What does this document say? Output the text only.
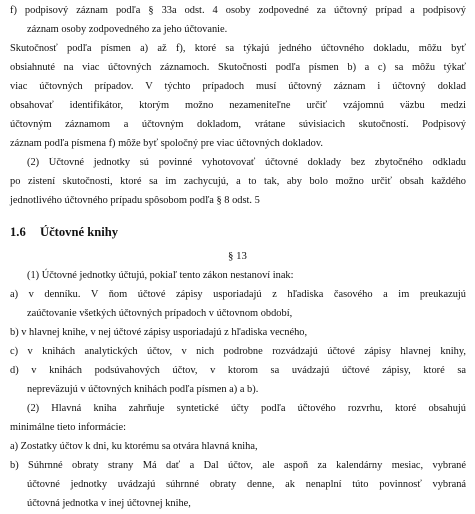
f) podpisový záznam podľa § 33a odst. 4 osoby zodpovedné za účtovný prípad a podpisový
záznam osoby zodpovedného za jeho účtovanie.
Skutočnosť podľa písmen a) až f), ktoré sa týkajú jedného účtovného dokladu, môžu byť
obsiahnuté na viac účtovných záznamoch. Skutočnosti podľa písmen b) a c) sa môžu týkať
viac účtovných prípadov. V týchto prípadoch musí účtovný záznam i účtovný doklad
obsahovať identifikátor, ktorým možno nezameniteľne určiť vzájomnú väzbu medzi
účtovným záznamom a účtovným dokladom, vrátane súvisiacich skutočností. Podpisový
záznam podľa písmena f) môže byť spoločný pre viac účtovných dokladov.
(2) Účtovné jednotky sú povinné vyhotovovať účtovné doklady bez zbytočného odkladu
po zistení skutočnosti, ktoré sa im zachycujú, a to tak, aby bolo možno určiť obsah každého
jednotlivého účtovného prípadu spôsobom podľa § 8 odst. 5
1.6 Účtovné knihy
§ 13
(1) Účtovné jednotky účtujú, pokiaľ tento zákon nestanoví inak:
a) v denníku. V ňom účtové zápisy usporiadajú z hľadiska časového a im preukazujú
zaúčtovanie všetkých účtovných prípadoch v účtovnom období,
b) v hlavnej knihe, v nej účtové zápisy usporiadajú z hľadiska vecného,
c) v knihách analytických účtov, v nich podrobne rozvádzajú účtové zápisy hlavnej knihy,
d) v knihách podsúvahových účtov, v ktorom sa uvádzajú účtové zápisy, ktoré sa
nepreväzujú v účtovných knihách podľa písmen a) a b).
(2) Hlavná kniha zahrňuje syntetické účty podľa účtového rozvrhu, ktoré obsahujú
minimálne tieto informácie:
a) Zostatky účtov k dni, ku ktorému sa otvára hlavná kniha,
b) Súhrnné obraty strany Má dať a Dal účtov, ale aspoň za kalendárny mesiac, vybrané
účtovné jednotky uvádzajú súhrnné obraty denne, ak nenaplní túto povinnosť vybraná
účtovná jednotka v inej účtovnej knihe,
